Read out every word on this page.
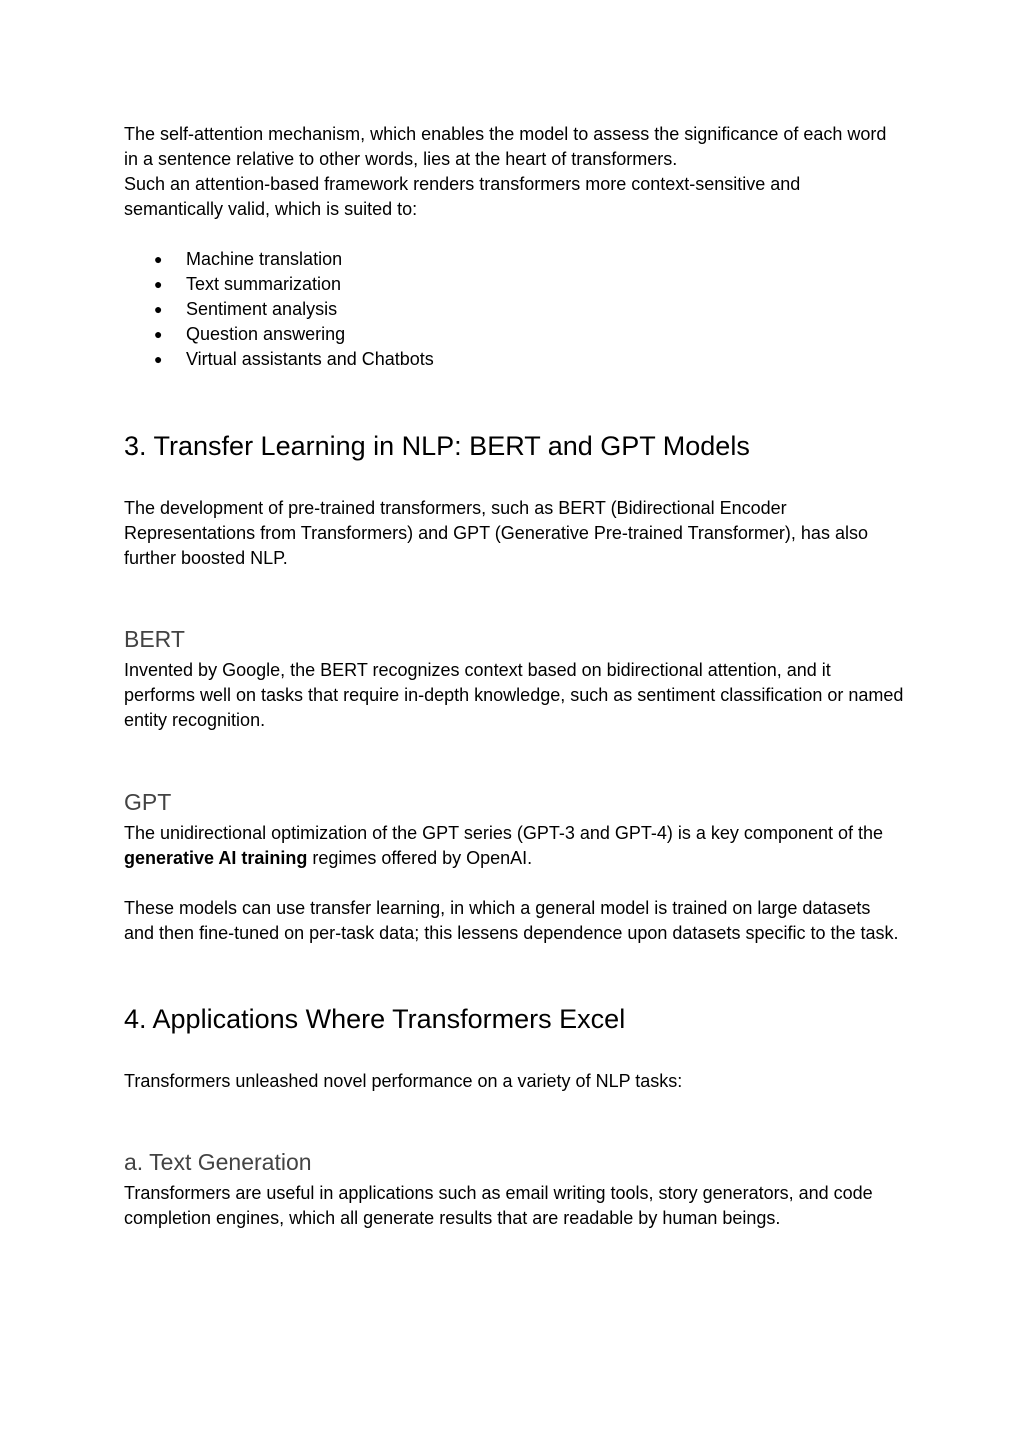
The self-attention mechanism, which enables the model to assess the significance of each word in a sentence relative to other words, lies at the heart of transformers.

Such an attention-based framework renders transformers more context-sensitive and semantically valid, which is suited to:

● Machine translation
● Text summarization
● Sentiment analysis
● Question answering
● Virtual assistants and Chatbots
3. Transfer Learning in NLP: BERT and GPT Models

The development of pre-trained transformers, such as BERT (Bidirectional Encoder Representations from Transformers) and GPT (Generative Pre-trained Transformer), has also further boosted NLP.

BERT

Invented by Google, the BERT recognizes context based on bidirectional attention, and it performs well on tasks that require in-depth knowledge, such as sentiment classification or named entity recognition.

GPT

The unidirectional optimization of the GPT series (GPT-3 and GPT-4) is a key component of the generative AI training regimes offered by OpenAI.

These models can use transfer learning, in which a general model is trained on large datasets and then fine-tuned on per-task data; this lessens dependence upon datasets specific to the task.

4. Applications Where Transformers Excel

Transformers unleashed novel performance on a variety of NLP tasks:

a. Text Generation

Transformers are useful in applications such as email writing tools, story generators, and code completion engines, which all generate results that are readable by human beings.
